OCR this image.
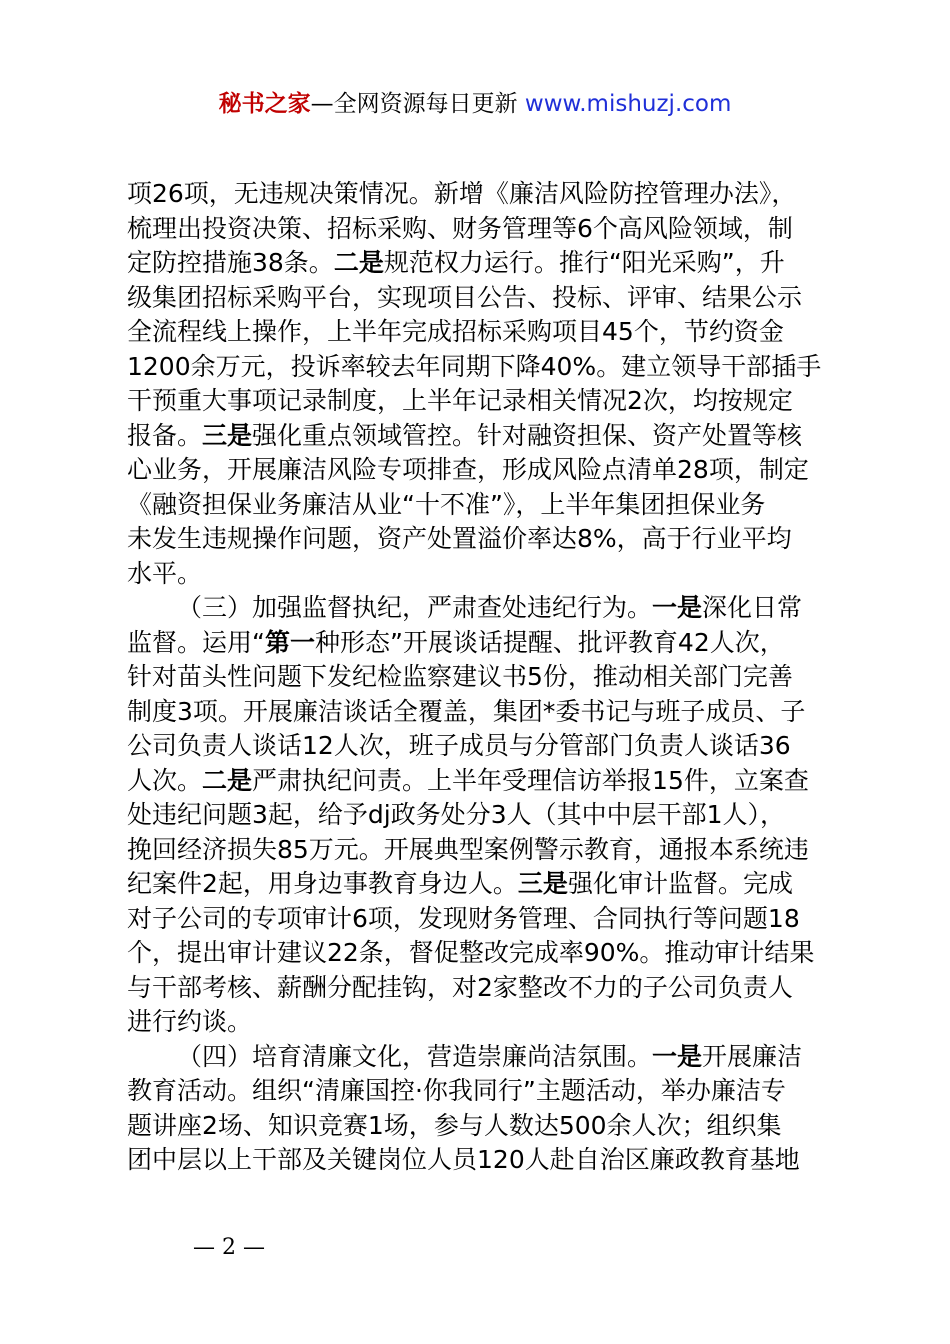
秘书之家—全网资源每日更新 www.mishuzj.com

项26项，无违规决策情况。新增《廉洁风险防控管理办法》，
梳理出投资决策、招标采购、财务管理等6个高风险领域，制
定防控措施38条。二是规范权力运行。推行“阳光采购”，升
级集团招标采购平台，实现项目公告、投标、评审、结果公示
全流程线上操作，上半年完成招标采购项目45个，节约资金
1200余万元，投诉率较去年同期下降40%。建立领导干部插手
干预重大事项记录制度，上半年记录相关情况2次，均按规定
报备。三是强化重点领域管控。针对融资担保、资产处置等核
心业务，开展廉洁风险专项排查，形成风险点清单28项，制定
《融资担保业务廉洁从业“十不准”》，上半年集团担保业务
未发生违规操作问题，资产处置溢价率达8%，高于行业平均
水平。

（三）加强监督执纪，严肃查处违纪行为。一是深化日常
监督。运用“第一种形态”开展谈话提醒、批评教育42人次，
针对苗头性问题下发纪检监察建议书5份，推动相关部门完善
制度3项。开展廉洁谈话全覆盖，集团*委书记与班子成员、子
公司负责人谈话12人次，班子成员与分管部门负责人谈话36
人次。二是严肃执纪问责。上半年受理信访举报15件，立案查
处违纪问题3起，给予dj政务处分3人（其中中层干部1人），
挽回经济损失85万元。开展典型案例警示教育，通报本系统违
纪案件2起，用身边事教育身边人。三是强化审计监督。完成
对子公司的专项审计6项，发现财务管理、合同执行等问题18
个，提出审计建议22条，督促整改完成率90%。推动审计结果
与干部考核、薪酬分配挂钩，对2家整改不力的子公司负责人
进行约谈。

（四）培育清廉文化，营造崇廉尚洁氛围。一是开展廉洁
教育活动。组织“清廉国控·你我同行”主题活动，举办廉洁专
题讲座2场、知识竞赛1场，参与人数达500余人次；组织集
团中层以上干部及关键岗位人员120人赴自治区廉政教育基地

— 2 —
